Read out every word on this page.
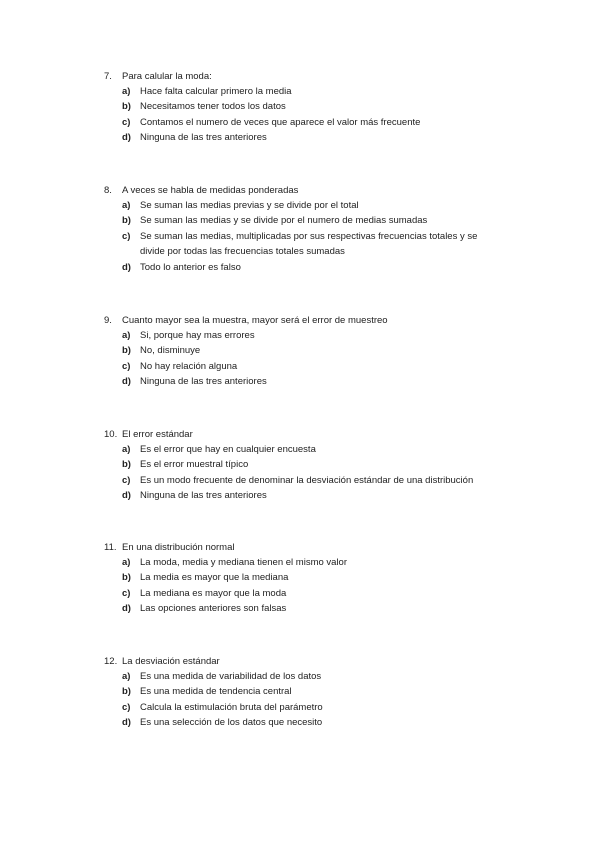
7.	Para calular la moda:
a)	Hace falta calcular primero la media
b) Necesitamos tener todos los datos
c)	Contamos el numero de veces que aparece el valor más frecuente
d) Ninguna de las tres anteriores
8.	A veces se habla de medidas ponderadas
a)	Se suman las medias previas y se divide por el total
b) Se suman las medias y se divide por el numero de medias sumadas
c)	Se suman las medias, multiplicadas por sus respectivas frecuencias totales y se divide por todas las frecuencias totales sumadas
d) Todo lo anterior es falso
9.	Cuanto mayor sea la muestra, mayor será el error de muestreo
a)	Si, porque hay mas errores
b) No, disminuye
c)	No hay relación alguna
d) Ninguna de las tres anteriores
10. El error estándar
a)	Es el error que hay en cualquier encuesta
b) Es el error muestral típico
c)	Es un modo frecuente de denominar la desviación estándar de una distribución
d) Ninguna de las tres anteriores
11. En una distribución normal
a)	La moda, media y mediana tienen el mismo valor
b) La media es mayor que la mediana
c)	La mediana es mayor que la moda
d) Las opciones anteriores son falsas
12. La desviación estándar
a)	Es una medida de variabilidad de los datos
b) Es una medida de tendencia central
c)	Calcula la estimulación bruta del parámetro
d) Es una selección de los datos que necesito
